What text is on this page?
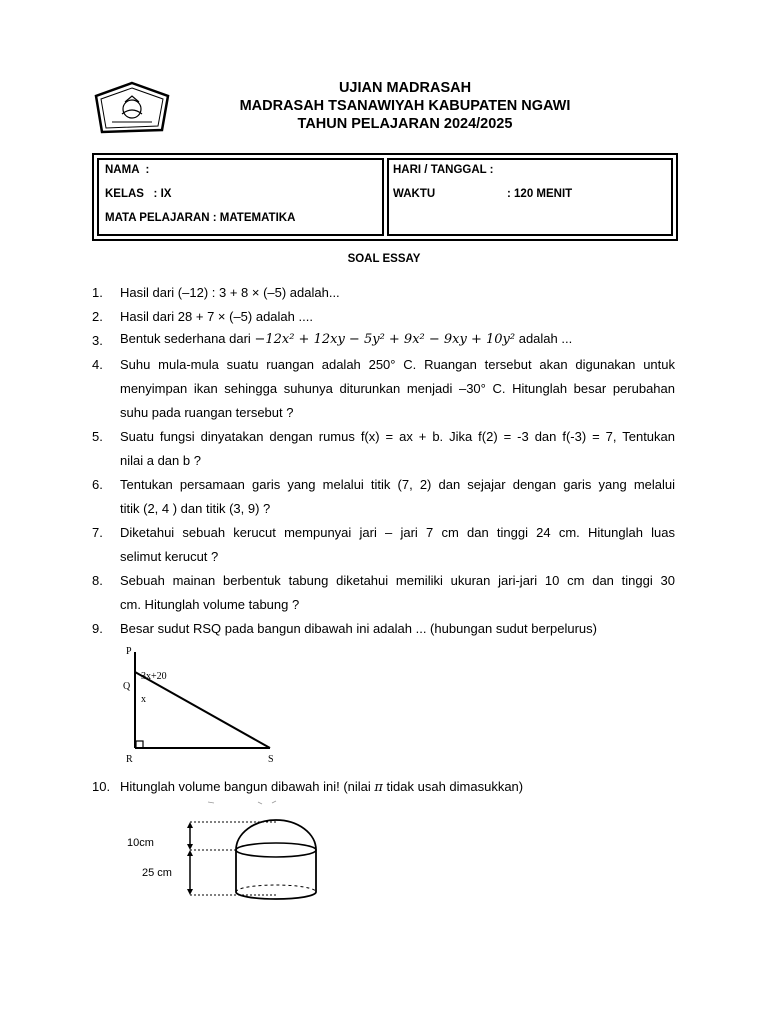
UJIAN MADRASAH
MADRASAH TSANAWIYAH KABUPATEN NGAWI
TAHUN PELAJARAN 2024/2025
NAMA  :
KELAS   : IX
MATA PELAJARAN : MATEMATIKA
HARI / TANGGAL :
WAKTU	: 120 MENIT
SOAL ESSAY
1. Hasil dari (–12) : 3 + 8 × (–5) adalah...
2. Hasil dari 28 + 7 × (–5) adalah ....
3. Bentuk sederhana dari −12x² + 12xy − 5y² + 9x² − 9xy + 10y² adalah ...
4. Suhu mula-mula suatu ruangan adalah 250° C. Ruangan tersebut akan digunakan untuk
menyimpan ikan sehingga suhunya diturunkan menjadi –30° C. Hitunglah besar perubahan
suhu pada ruangan tersebut ?
5. Suatu fungsi dinyatakan dengan rumus f(x) = ax + b. Jika f(2) = -3 dan f(-3) = 7, Tentukan
nilai a dan b ?
6. Tentukan persamaan garis yang melalui titik (7, 2) dan sejajar dengan garis yang melalui
titik (2, 4 ) dan titik (3, 9) ?
7. Diketahui sebuah kerucut mempunyai jari – jari 7 cm dan tinggi 24 cm. Hitunglah luas
selimut kerucut ?
8. Sebuah mainan berbentuk tabung diketahui memiliki ukuran jari-jari 10 cm dan tinggi 30
cm. Hitunglah volume tabung ?
9. Besar sudut RSQ pada bangun dibawah ini adalah ... (hubungan sudut berpelurus)
P
Q
R	S
3x+20
x
10. Hitunglah volume bangun dibawah ini! (nilai π tidak usah dimasukkan)
10cm
25 cm
